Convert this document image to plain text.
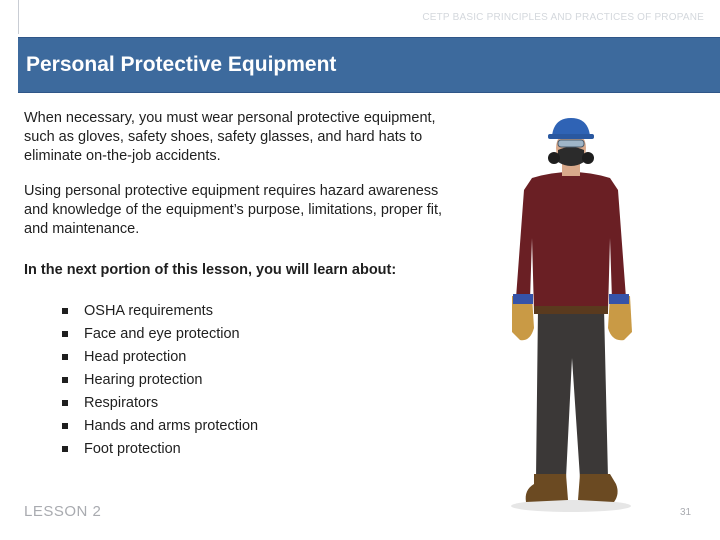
CETP BASIC PRINCIPLES AND PRACTICES OF PROPANE
Personal Protective Equipment
When necessary, you must wear personal protective equipment, such as gloves, safety shoes, safety glasses, and hard hats to eliminate on-the-job accidents.
Using personal protective equipment requires hazard awareness and knowledge of the equipment’s purpose, limitations, proper fit, and maintenance.
In the next portion of this lesson, you will learn about:
OSHA requirements
Face and eye protection
Head protection
Hearing protection
Respirators
Hands and arms protection
Foot protection
LESSON 2	31
